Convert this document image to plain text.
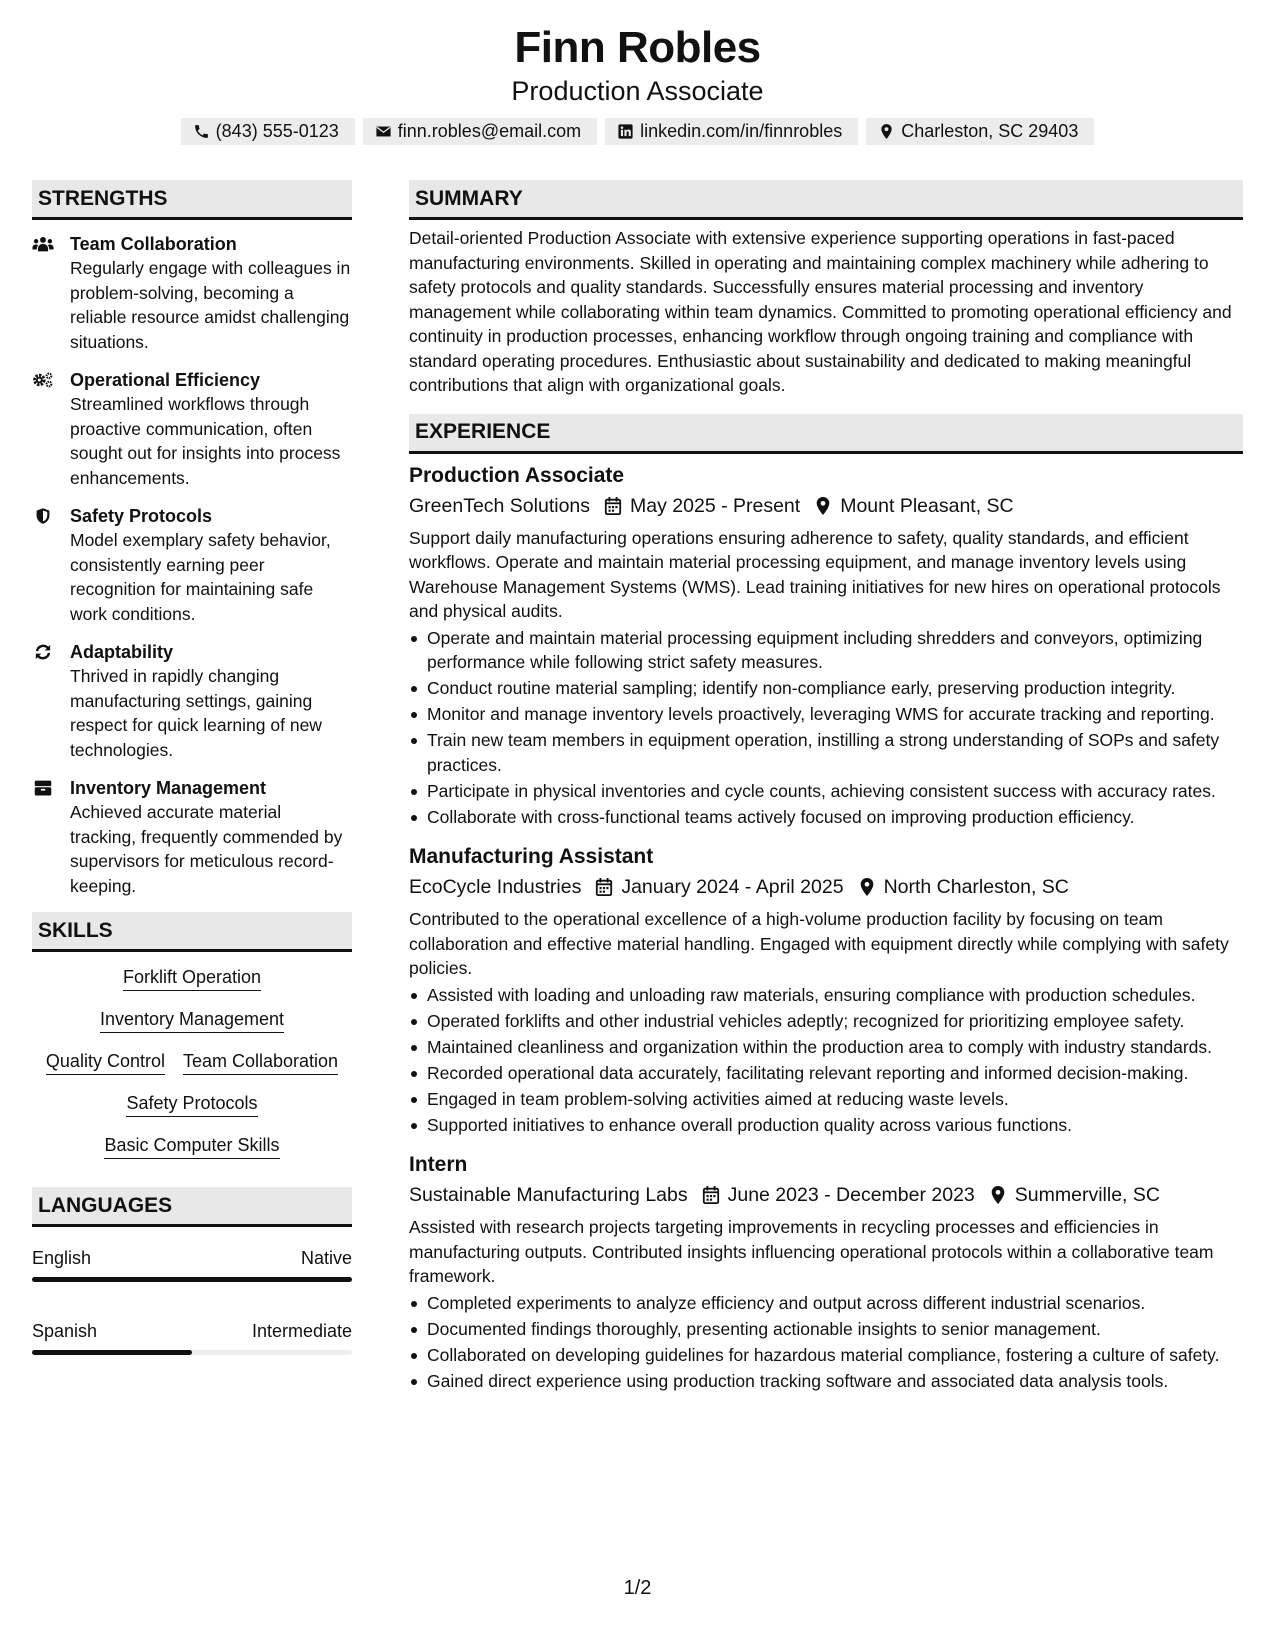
Finn Robles
Production Associate
(843) 555-0123	finn.robles@email.com	linkedin.com/in/finnrobles	Charleston, SC 29403
STRENGTHS
Team Collaboration
Regularly engage with colleagues in problem-solving, becoming a reliable resource amidst challenging situations.
Operational Efficiency
Streamlined workflows through proactive communication, often sought out for insights into process enhancements.
Safety Protocols
Model exemplary safety behavior, consistently earning peer recognition for maintaining safe work conditions.
Adaptability
Thrived in rapidly changing manufacturing settings, gaining respect for quick learning of new technologies.
Inventory Management
Achieved accurate material tracking, frequently commended by supervisors for meticulous record-keeping.
SKILLS
Forklift Operation
Inventory Management
Quality Control Team Collaboration
Safety Protocols
Basic Computer Skills
LANGUAGES
English	Native
Spanish	Intermediate
SUMMARY
Detail-oriented Production Associate with extensive experience supporting operations in fast-paced manufacturing environments. Skilled in operating and maintaining complex machinery while adhering to safety protocols and quality standards. Successfully ensures material processing and inventory management while collaborating within team dynamics. Committed to promoting operational efficiency and continuity in production processes, enhancing workflow through ongoing training and compliance with standard operating procedures. Enthusiastic about sustainability and dedicated to making meaningful contributions that align with organizational goals.
EXPERIENCE
Production Associate
GreenTech Solutions May 2025 - Present Mount Pleasant, SC
Support daily manufacturing operations ensuring adherence to safety, quality standards, and efficient workflows. Operate and maintain material processing equipment, and manage inventory levels using Warehouse Management Systems (WMS). Lead training initiatives for new hires on operational protocols and physical audits.
Operate and maintain material processing equipment including shredders and conveyors, optimizing performance while following strict safety measures.
Conduct routine material sampling; identify non-compliance early, preserving production integrity.
Monitor and manage inventory levels proactively, leveraging WMS for accurate tracking and reporting.
Train new team members in equipment operation, instilling a strong understanding of SOPs and safety practices.
Participate in physical inventories and cycle counts, achieving consistent success with accuracy rates.
Collaborate with cross-functional teams actively focused on improving production efficiency.
Manufacturing Assistant
EcoCycle Industries January 2024 - April 2025 North Charleston, SC
Contributed to the operational excellence of a high-volume production facility by focusing on team collaboration and effective material handling. Engaged with equipment directly while complying with safety policies.
Assisted with loading and unloading raw materials, ensuring compliance with production schedules.
Operated forklifts and other industrial vehicles adeptly; recognized for prioritizing employee safety.
Maintained cleanliness and organization within the production area to comply with industry standards.
Recorded operational data accurately, facilitating relevant reporting and informed decision-making.
Engaged in team problem-solving activities aimed at reducing waste levels.
Supported initiatives to enhance overall production quality across various functions.
Intern
Sustainable Manufacturing Labs June 2023 - December 2023 Summerville, SC
Assisted with research projects targeting improvements in recycling processes and efficiencies in manufacturing outputs. Contributed insights influencing operational protocols within a collaborative team framework.
Completed experiments to analyze efficiency and output across different industrial scenarios.
Documented findings thoroughly, presenting actionable insights to senior management.
Collaborated on developing guidelines for hazardous material compliance, fostering a culture of safety.
Gained direct experience using production tracking software and associated data analysis tools.
1/2
